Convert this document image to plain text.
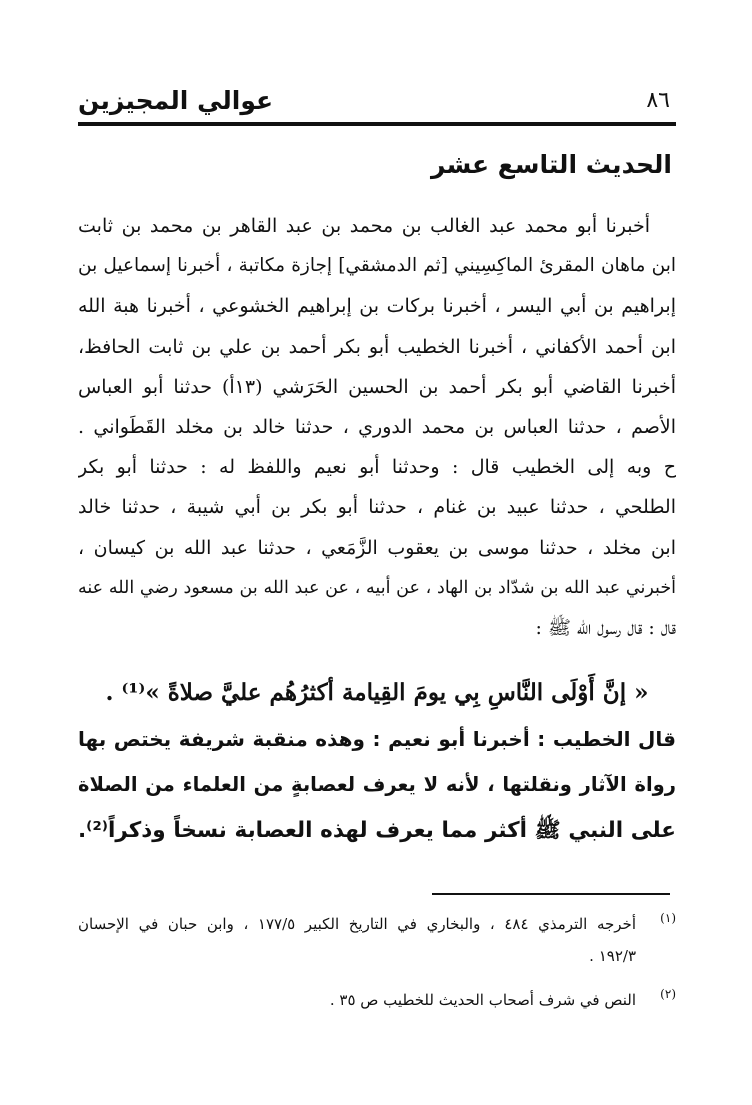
عوالي المجيزين	٨٦
الحديث التاسع عشر
أخبرنا أبو محمد عبد الغالب بن محمد بن عبد القاهر بن محمد بن ثابت
ابن ماهان المقرئ الماكِسِيني [ثم الدمشقي] إجازة مكاتبة ، أخبرنا إسماعيل بن
إبراهيم بن أبي اليسر ، أخبرنا بركات بن إبراهيم الخشوعي ، أخبرنا هبة الله
ابن أحمد الأكفاني ، أخبرنا الخطيب أبو بكر أحمد بن علي بن ثابت الحافظ،
أخبرنا القاضي أبو بكر أحمد بن الحسين الحَرَشي (١٣أ) حدثنا أبو العباس
الأصم ، حدثنا العباس بن محمد الدوري ، حدثنا خالد بن مخلد القَطَواني .
ح وبه إلى الخطيب قال : وحدثنا أبو نعيم واللفظ له : حدثنا أبو بكر
الطلحي ، حدثنا عبيد بن غنام ، حدثنا أبو بكر بن أبي شيبة ، حدثنا خالد
ابن مخلد ، حدثنا موسى بن يعقوب الزَّمَعي ، حدثنا عبد الله بن كيسان ،
أخبرني عبد الله بن شدّاد بن الهاد ، عن أبيه ، عن عبد الله بن مسعود رضي الله عنه
قال : قال رسول الله ﷺ :
« إنَّ أَوْلَى النَّاسِ بِي يومَ القِيامة أكثرُهُم عليَّ صلاةً »⁽¹⁾ .
قال الخطيب : أخبرنا أبو نعيم : وهذه منقبة شريفة يختص بها
رواة الآثار ونقلتها ، لأنه لا يعرف لعصابةٍ من العلماء من الصلاة
على النبي ﷺ أكثر مما يعرف لهذه العصابة نسخاً وذكراً⁽²⁾.
(١)
أخرجه الترمذي ٤٨٤ ، والبخاري في التاريخ الكبير ١٧٧/٥ ، وابن حبان في الإحسان
١٩٢/٣ .
(٢)
النص في شرف أصحاب الحديث للخطيب ص ٣٥ .
